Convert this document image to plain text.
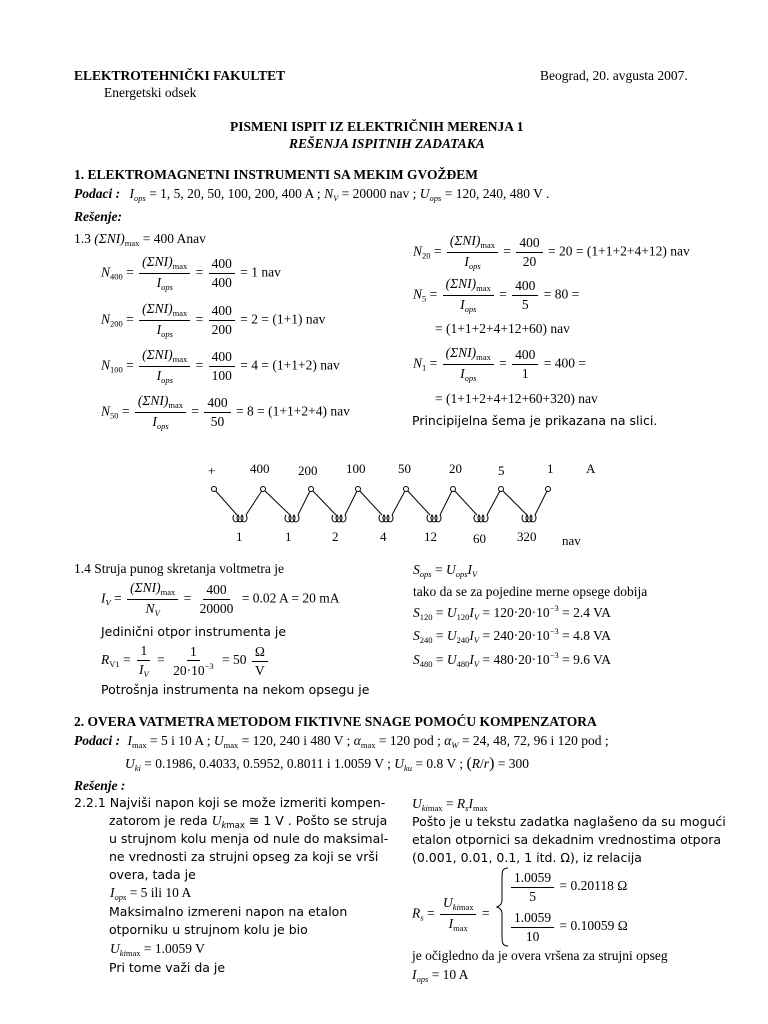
ELEKTROTEHNIČKI FAKULTET
Energetski odsek
Beograd, 20. avgusta 2007.
PISMENI ISPIT IZ ELEKTRIČNIH MERENJA 1
REŠENJA ISPITNIH ZADATAKA
1. ELEKTROMAGNETNI INSTRUMENTI SA MEKIM GVOŽĐEM
Podaci : $I_{ops} = 1$, 5, 20, 50, 100, 200, 400 A ; $N_V = 20000$ nav ; $U_{ops} = 120$, 240, 480 V .
Rešenje:
1.3 $(\Sigma NI)_{max} = 400$ Anav
$N_{400} = \frac{(\Sigma NI)_{max}}{I_{ops}} = \frac{400}{400} = 1$ nav
$N_{200} = \frac{(\Sigma NI)_{max}}{I_{ops}} = \frac{400}{200} = 2 = (1+1)$ nav
$N_{100} = \frac{(\Sigma NI)_{max}}{I_{ops}} = \frac{400}{100} = 4 = (1+1+2)$ nav
$N_{50} = \frac{(\Sigma NI)_{max}}{I_{ops}} = \frac{400}{50} = 8 = (1+1+2+4)$ nav
$N_{20} = \frac{(\Sigma NI)_{max}}{I_{ops}} = \frac{400}{20} = 20 = (1+1+2+4+12)$ nav
$N_5 = \frac{(\Sigma NI)_{max}}{I_{ops}} = \frac{400}{5} = 80$ =
= (1+1+2+4+12+60) nav
$N_1 = \frac{(\Sigma NI)_{max}}{I_{ops}} = \frac{400}{1} = 400$ =
= (1+1+2+4+12+60+320) nav
Principijelna šema je prikazana na slici.
+	400 200 100	50	20	5	1	A
1	1	2	4	12	60 320 nav
1.4 Struja punog skretanja voltmetra je
$I_V = \frac{(\Sigma NI)_{max}}{N_V} = \frac{400}{20000} = 0.02$ A = 20 mA
Jedinični otpor instrumenta je
$R_{V1} = \frac{1}{I_V} = \frac{1}{20\cdot 10^{-3}} = 50 \frac{\Omega}{V}$
Potrošnja instrumenta na nekom opsegu je
$S_{ops} = U_{ops}I_V$
tako da se za pojedine merne opsege dobija
$S_{120} = U_{120}I_V = 120\cdot 20\cdot 10^{-3} = 2.4$ VA
$S_{240} = U_{240}I_V = 240\cdot 20\cdot 10^{-3} = 4.8$ VA
$S_{480} = U_{480}I_V = 480\cdot 20\cdot 10^{-3} = 9.6$ VA
2. OVERA VATMETRA METODOM FIKTIVNE SNAGE POMOĆU KOMPENZATORA
Podaci : $I_{max} = 5$ i 10 A ; $U_{max} = 120$, 240 i 480 V ; $\alpha_{max} = 120$ pod ; $\alpha_W = 24$, 48, 72, 96 i 120 pod ;
$U_{ki} = 0.1986$, 0.4033, 0.5952, 0.8011 i 1.0059 V ; $U_{ku} = 0.8$ V ; (R/r) = 300
Rešenje :
2.2.1 Najviši napon koji se može izmeriti kompen-
zatorom je reda $U_{kmax}$ ≅ 1 V . Pošto se struja
u strujnom kolu menja od nule do maksimal-
ne vrednosti za strujni opseg za koji se vrši
overa, tada je
$I_{ops} = 5$ ili 10 A
Maksimalno izmereni napon na etalon
otporniku u strujnom kolu je bio
$U_{kimax} = 1.0059$ V
Pri tome važi da je
$U_{kimax} = R_sI_{max}$
Pošto je u tekstu zadatka naglašeno da su mogući
etalon otpornici sa dekadnim vrednostima otpora
(0.001, 0.01, 0.1, 1 itd. Ω), iz relacija
$R_s = \frac{U_{kimax}}{I_{max}}$ =
$\frac{1.0059}{5} = 0.20118$ Ω
$\frac{1.0059}{10} = 0.10059$ Ω
je očigledno da je overa vršena za strujni opseg
$I_{ops} = 10$ A
